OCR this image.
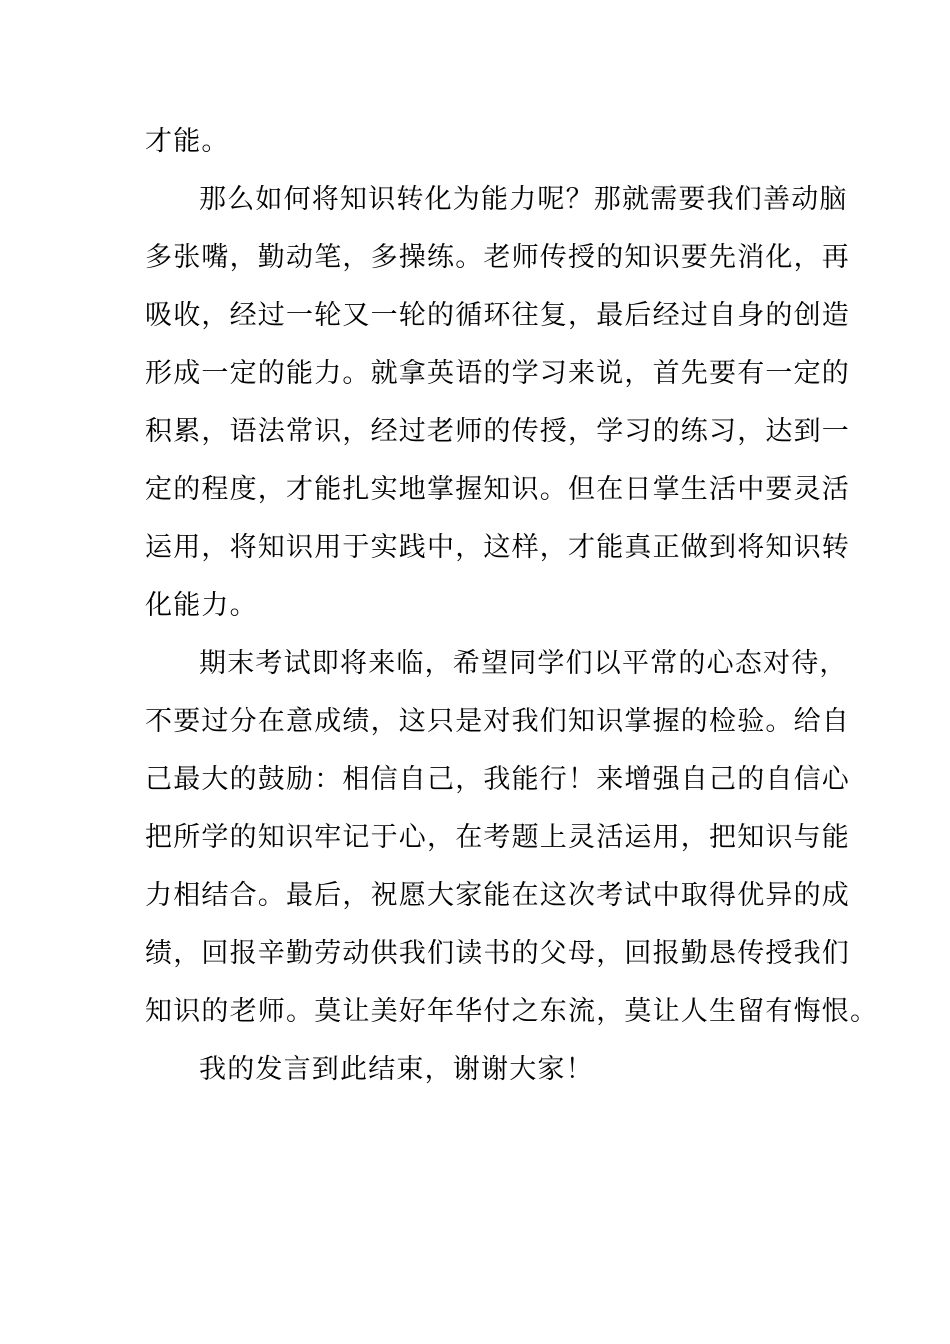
才能。

那么如何将知识转化为能力呢？那就需要我们善动脑
多张嘴，勤动笔，多操练。老师传授的知识要先消化，再
吸收，经过一轮又一轮的循环往复，最后经过自身的创造
形成一定的能力。就拿英语的学习来说，首先要有一定的
积累，语法常识，经过老师的传授，学习的练习，达到一
定的程度，才能扎实地掌握知识。但在日掌生活中要灵活
运用，将知识用于实践中，这样，才能真正做到将知识转
化能力。

期末考试即将来临，希望同学们以平常的心态对待，
不要过分在意成绩，这只是对我们知识掌握的检验。给自
己最大的鼓励：相信自己，我能行！来增强自己的自信心
把所学的知识牢记于心，在考题上灵活运用，把知识与能
力相结合。最后，祝愿大家能在这次考试中取得优异的成
绩，回报辛勤劳动供我们读书的父母，回报勤恳传授我们
知识的老师。莫让美好年华付之东流，莫让人生留有悔恨。

我的发言到此结束，谢谢大家！
